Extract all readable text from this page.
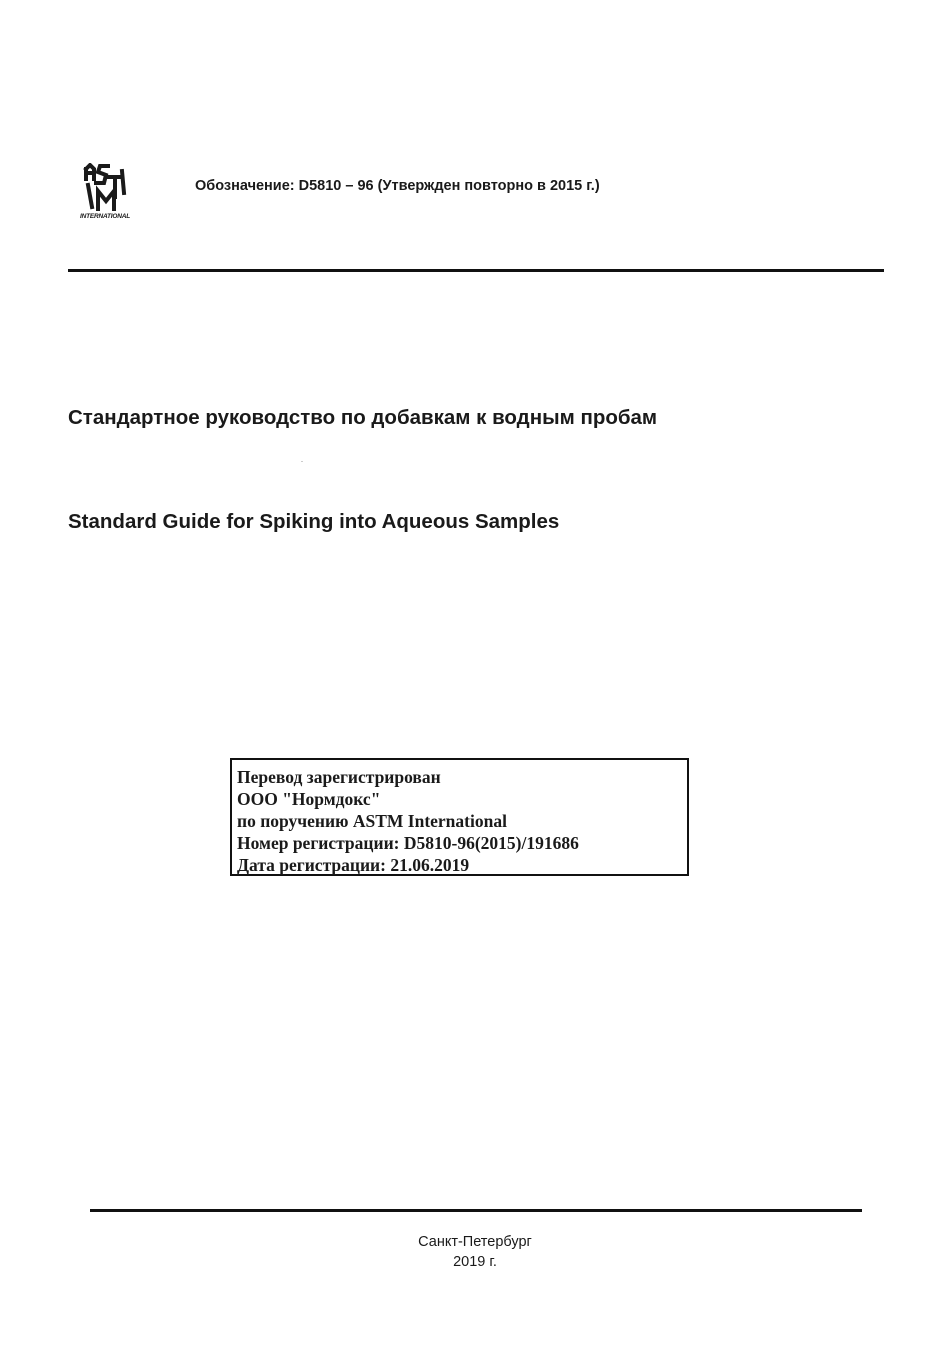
INTERNATIONAL
Обозначение: D5810 – 96 (Утвержден повторно в 2015 г.)
Стандартное руководство по добавкам к водным пробам
Standard Guide for Spiking into Aqueous Samples
Перевод зарегистрирован
ООО "Нормдокс"
по поручению ASTM International
Номер регистрации: D5810-96(2015)/191686
Дата регистрации: 21.06.2019
Санкт-Петербург
2019 г.
